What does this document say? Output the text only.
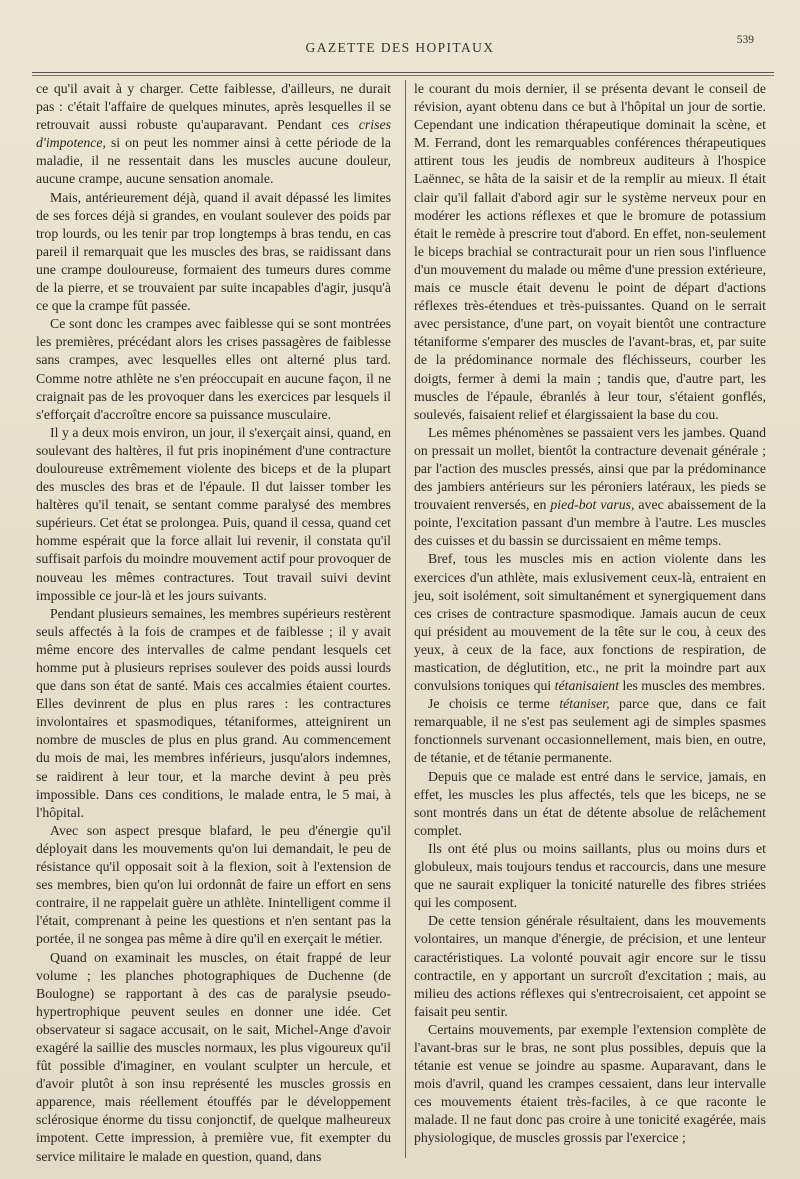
GAZETTE DES HOPITAUX	539

ce qu'il avait à y charger. Cette faiblesse, d'ailleurs, ne durait pas : c'était l'affaire de quelques minutes, après lesquelles il se retrouvait aussi robuste qu'auparavant. Pendant ces crises d'impotence, si on peut les nommer ainsi à cette période de la maladie, il ne ressentait dans les muscles aucune douleur, aucune crampe, aucune sensation anomale.

Mais, antérieurement déjà, quand il avait dépassé les limites de ses forces déjà si grandes, en voulant soulever des poids par trop lourds, ou les tenir par trop longtemps à bras tendu, en cas pareil il remarquait que les muscles des bras, se raidissant dans une crampe douloureuse, formaient des tumeurs dures comme de la pierre, et se trouvaient par suite incapables d'agir, jusqu'à ce que la crampe fût passée.

Ce sont donc les crampes avec faiblesse qui se sont montrées les premières, précédant alors les crises passagères de faiblesse sans crampes, avec lesquelles elles ont alterné plus tard. Comme notre athlète ne s'en préoccupait en aucune façon, il ne craignait pas de les provoquer dans les exercices par lesquels il s'efforçait d'accroître encore sa puissance musculaire.

Il y a deux mois environ, un jour, il s'exerçait ainsi, quand, en soulevant des haltères, il fut pris inopinément d'une contracture douloureuse extrêmement violente des biceps et de la plupart des muscles des bras et de l'épaule. Il dut laisser tomber les haltères qu'il tenait, se sentant comme paralysé des membres supérieurs. Cet état se prolongea. Puis, quand il cessa, quand cet homme espérait que la force allait lui revenir, il constata qu'il suffisait parfois du moindre mouvement actif pour provoquer de nouveau les mêmes contractures. Tout travail suivi devint impossible ce jour-là et les jours suivants.

Pendant plusieurs semaines, les membres supérieurs restèrent seuls affectés à la fois de crampes et de faiblesse ; il y avait même encore des intervalles de calme pendant lesquels cet homme put à plusieurs reprises soulever des poids aussi lourds que dans son état de santé. Mais ces accalmies étaient courtes. Elles devinrent de plus en plus rares : les contractures involontaires et spasmodiques, tétaniformes, atteignirent un nombre de muscles de plus en plus grand. Au commencement du mois de mai, les membres inférieurs, jusqu'alors indemnes, se raidirent à leur tour, et la marche devint à peu près impossible. Dans ces conditions, le malade entra, le 5 mai, à l'hôpital.

Avec son aspect presque blafard, le peu d'énergie qu'il déployait dans les mouvements qu'on lui demandait, le peu de résistance qu'il opposait soit à la flexion, soit à l'extension de ses membres, bien qu'on lui ordonnât de faire un effort en sens contraire, il ne rappelait guère un athlète. Inintelligent comme il l'était, comprenant à peine les questions et n'en sentant pas la portée, il ne songea pas même à dire qu'il en exerçait le métier.

Quand on examinait les muscles, on était frappé de leur volume ; les planches photographiques de Duchenne (de Boulogne) se rapportant à des cas de paralysie pseudo-hypertrophique peuvent seules en donner une idée. Cet observateur si sagace accusait, on le sait, Michel-Ange d'avoir exagéré la saillie des muscles normaux, les plus vigoureux qu'il fût possible d'imaginer, en voulant sculpter un hercule, et d'avoir plutôt à son insu représenté les muscles grossis en apparence, mais réellement étouffés par le développement sclérosique énorme du tissu conjonctif, de quelque malheureux impotent. Cette impression, à première vue, fit exempter du service militaire le malade en question, quand, dans

le courant du mois dernier, il se présenta devant le conseil de révision, ayant obtenu dans ce but à l'hôpital un jour de sortie. Cependant une indication thérapeutique dominait la scène, et M. Ferrand, dont les remarquables conférences thérapeutiques attirent tous les jeudis de nombreux auditeurs à l'hospice Laënnec, se hâta de la saisir et de la remplir au mieux. Il était clair qu'il fallait d'abord agir sur le système nerveux pour en modérer les actions réflexes et que le bromure de potassium était le remède à prescrire tout d'abord. En effet, non-seulement le biceps brachial se contracturait pour un rien sous l'influence d'un mouvement du malade ou même d'une pression extérieure, mais ce muscle était devenu le point de départ d'actions réflexes très-étendues et très-puissantes. Quand on le serrait avec persistance, d'une part, on voyait bientôt une contracture tétaniforme s'emparer des muscles de l'avant-bras, et, par suite de la prédominance normale des fléchisseurs, courber les doigts, fermer à demi la main ; tandis que, d'autre part, les muscles de l'épaule, ébranlés à leur tour, s'étaient gonflés, soulevés, faisaient relief et élargissaient la base du cou.

Les mêmes phénomènes se passaient vers les jambes. Quand on pressait un mollet, bientôt la contracture devenait générale ; par l'action des muscles pressés, ainsi que par la prédominance des jambiers antérieurs sur les péroniers latéraux, les pieds se trouvaient renversés, en pied-bot varus, avec abaissement de la pointe, l'excitation passant d'un membre à l'autre. Les muscles des cuisses et du bassin se durcissaient en même temps.

Bref, tous les muscles mis en action violente dans les exercices d'un athlète, mais exlusivement ceux-là, entraient en jeu, soit isolément, soit simultanément et synergiquement dans ces crises de contracture spasmodique. Jamais aucun de ceux qui président au mouvement de la tête sur le cou, à ceux des yeux, à ceux de la face, aux fonctions de respiration, de mastication, de déglutition, etc., ne prit la moindre part aux convulsions toniques qui tétanisaient les muscles des membres.

Je choisis ce terme tétaniser, parce que, dans ce fait remarquable, il ne s'est pas seulement agi de simples spasmes fonctionnels survenant occasionnellement, mais bien, en outre, de tétanie, et de tétanie permanente.

Depuis que ce malade est entré dans le service, jamais, en effet, les muscles les plus affectés, tels que les biceps, ne se sont montrés dans un état de détente absolue de relâchement complet.

Ils ont été plus ou moins saillants, plus ou moins durs et globuleux, mais toujours tendus et raccourcis, dans une mesure que ne saurait expliquer la tonicité naturelle des fibres striées qui les composent.

De cette tension générale résultaient, dans les mouvements volontaires, un manque d'énergie, de précision, et une lenteur caractéristiques. La volonté pouvait agir encore sur le tissu contractile, en y apportant un surcroît d'excitation ; mais, au milieu des actions réflexes qui s'entrecroisaient, cet appoint se faisait peu sentir.

Certains mouvements, par exemple l'extension complète de l'avant-bras sur le bras, ne sont plus possibles, depuis que la tétanie est venue se joindre au spasme. Auparavant, dans le mois d'avril, quand les crampes cessaient, dans leur intervalle ces mouvements étaient très-faciles, à ce que raconte le malade. Il ne faut donc pas croire à une tonicité exagérée, mais physiologique, de muscles grossis par l'exercice ;
